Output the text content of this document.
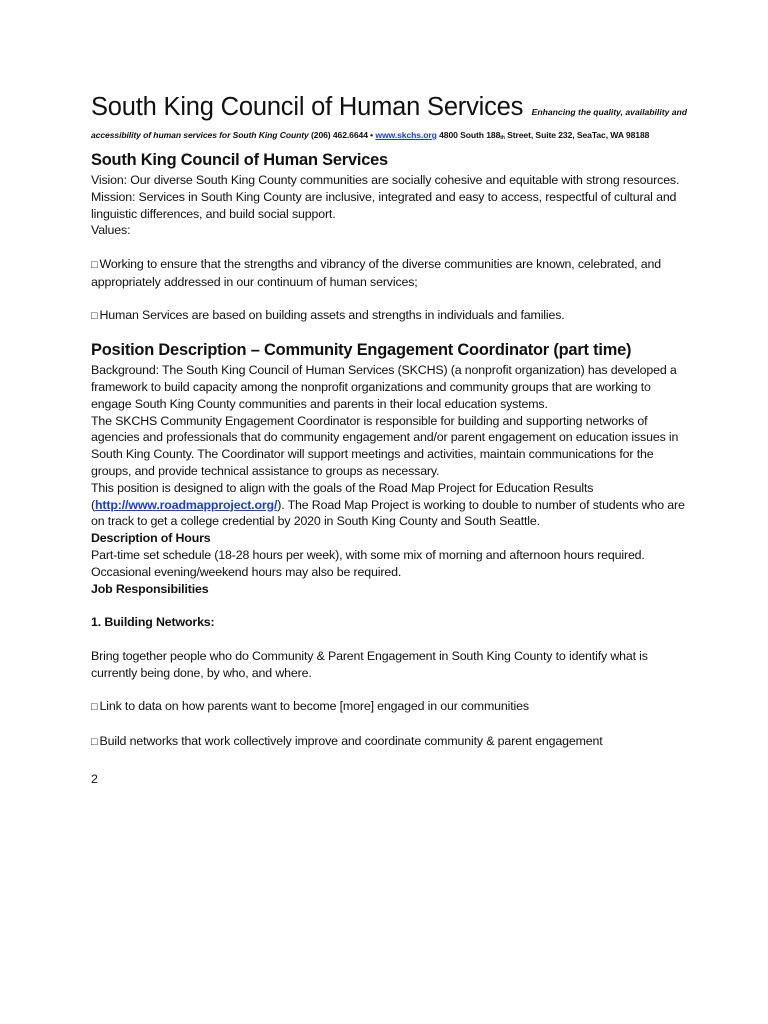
South King Council of Human Services Enhancing the quality, availability and
accessibility of human services for South King County (206) 462.6644 • www.skchs.org 4800 South 188th Street, Suite 232, SeaTac, WA 98188
South King Council of Human Services

Vision: Our diverse South King County communities are socially cohesive and equitable with strong resources.

Mission: Services in South King County are inclusive, integrated and easy to access, respectful of cultural and linguistic differences, and build social support.

Values:

□ Working to ensure that the strengths and vibrancy of the diverse communities are known, celebrated, and appropriately addressed in our continuum of human services;

□ Human Services are based on building assets and strengths in individuals and families.

Position Description – Community Engagement Coordinator (part time)

Background: The South King Council of Human Services (SKCHS) (a nonprofit organization) has developed a framework to build capacity among the nonprofit organizations and community groups that are working to engage South King County communities and parents in their local education systems.

The SKCHS Community Engagement Coordinator is responsible for building and supporting networks of agencies and professionals that do community engagement and/or parent engagement on education issues in South King County. The Coordinator will support meetings and activities, maintain communications for the groups, and provide technical assistance to groups as necessary.

This position is designed to align with the goals of the Road Map Project for Education Results (http://www.roadmapproject.org/). The Road Map Project is working to double to number of students who are on track to get a college credential by 2020 in South King County and South Seattle.

Description of Hours

Part-time set schedule (18-28 hours per week), with some mix of morning and afternoon hours required. Occasional evening/weekend hours may also be required.

Job Responsibilities

1. Building Networks:

Bring together people who do Community & Parent Engagement in South King County to identify what is currently being done, by who, and where.

□ Link to data on how parents want to become [more] engaged in our communities

□ Build networks that work collectively improve and coordinate community & parent engagement

2
